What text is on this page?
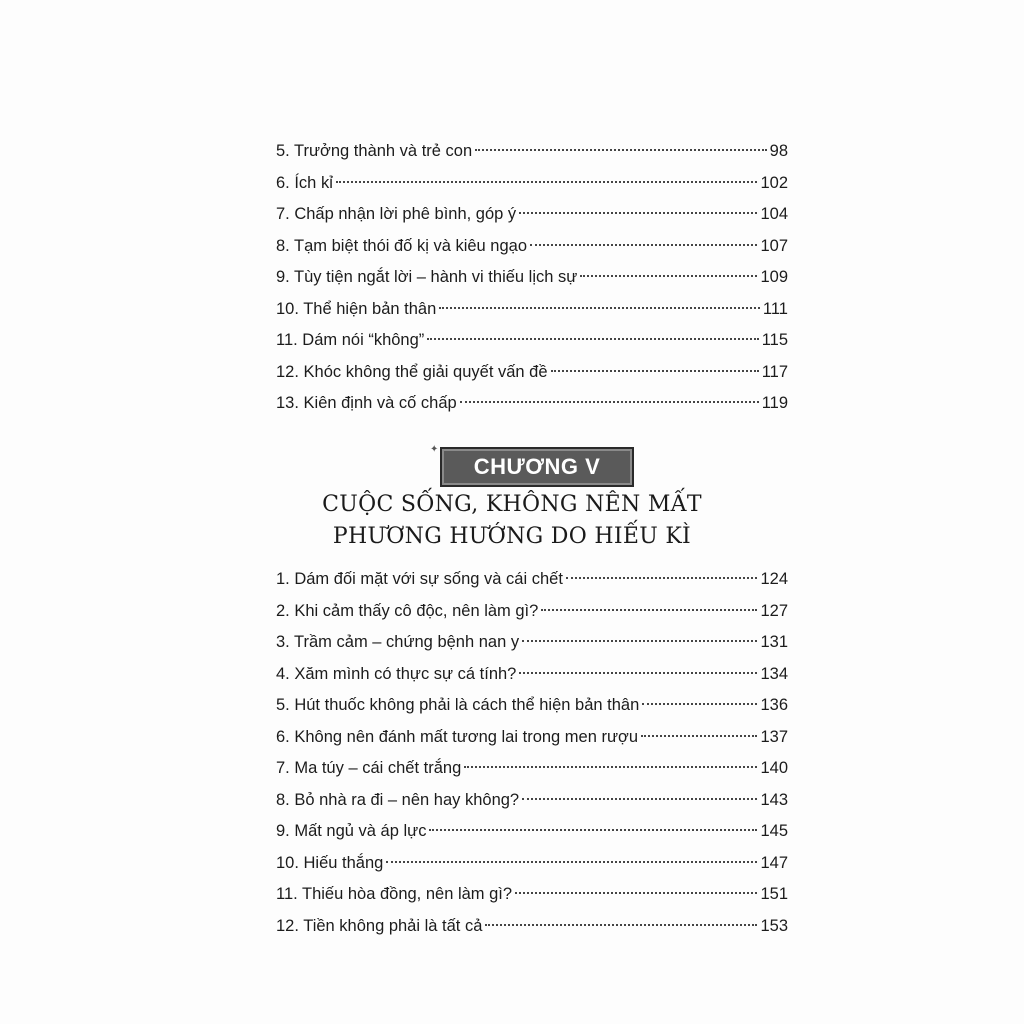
5. Trưởng thành và trẻ con	98
6. Ích kỉ	102
7. Chấp nhận lời phê bình, góp ý	104
8. Tạm biệt thói đố kị và kiêu ngạo	107
9. Tùy tiện ngắt lời – hành vi thiếu lịch sự	109
10. Thể hiện bản thân	111
11. Dám nói “không”	115
12. Khóc không thể giải quyết vấn đề	117
13. Kiên định và cố chấp	119
✦
CHƯƠNG V
CUỘC SỐNG, KHÔNG NÊN MẤT
PHƯƠNG HƯỚNG DO HIẾU KÌ
1. Dám đối mặt với sự sống và cái chết	124
2. Khi cảm thấy cô độc, nên làm gì?	127
3. Trầm cảm – chứng bệnh nan y	131
4. Xăm mình có thực sự cá tính?	134
5. Hút thuốc không phải là cách thể hiện bản thân	136
6. Không nên đánh mất tương lai trong men rượu	137
7. Ma túy – cái chết trắng	140
8. Bỏ nhà ra đi – nên hay không?	143
9. Mất ngủ và áp lực	145
10. Hiếu thắng	147
11. Thiếu hòa đồng, nên làm gì?	151
12. Tiền không phải là tất cả	153
